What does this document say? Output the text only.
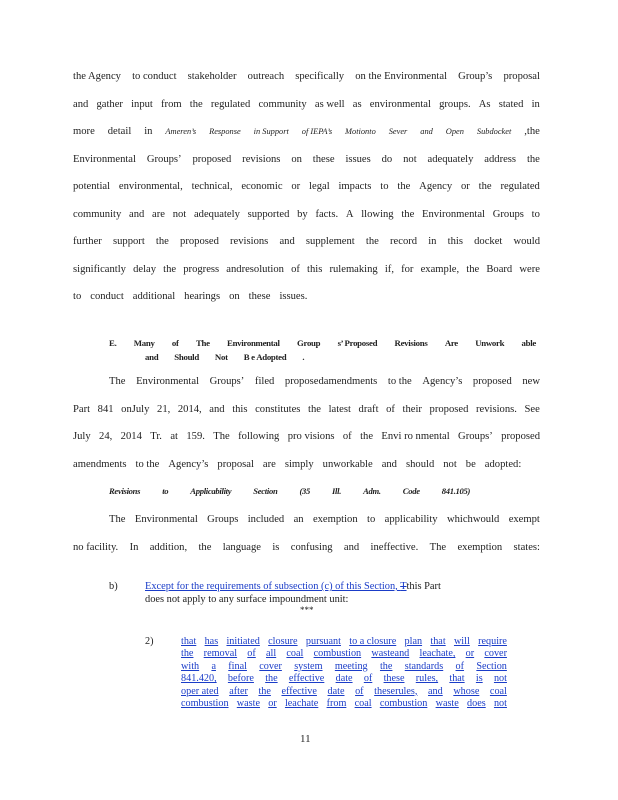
the Agency to conduct stakeholder outreach specifically on the Environmental Group’s proposal
and gather input from the regulated community as well as environmental groups. As stated in
more detail in Ameren’s Response in Support of IEPA’s Motionto Sever and Open Subdocket ,the
Environmental Groups’ proposed revisions on these issues do not adequately address the
potential environmental, technical, economic or legal impacts to the Agency or the regulated
community and are not adequately supported by facts. A llowing the Environmental Groups to
further support the proposed revisions and supplement the record in this docket would
significantly delay the progress andresolution of this rulemaking if, for example, the Board were
to conduct additional hearings on these issues.
E. Many of The Environmental Group s’ Proposed Revisions Are Unwork able
and Should Not B e Adopted .
The Environmental Groups’ filed proposedamendments to the Agency’s proposed new
Part 841 onJuly 21, 2014, and this constitutes the latest draft of their proposed revisions. See
July 24, 2014 Tr. at 159. The following pro visions of the Envi ro nmental Groups’ proposed
amendments to the Agency’s proposal are simply unworkable and should not be adopted:
Revisions	to	Applicability	Section	(35	Ill.	Adm.	Code	841.105)
The Environmental Groups included an exemption to applicability whichwould exempt
no facility. In addition, the language is confusing and ineffective. The exemption states:
b)	Except for the requirements of subsection (c) of this Section, Tthis Part
does not apply to any surface impoundment unit:
***
2)	that has initiated closure pursuant to a closure plan that will require
the removal of all coal combustion wasteand leachate, or cover
with a final cover system meeting the standards of Section
841.420, before the effective date of these rules, that is not
oper ated after the effective date of theserules, and whose coal
combustion waste or leachate from coal combustion waste does not
11
